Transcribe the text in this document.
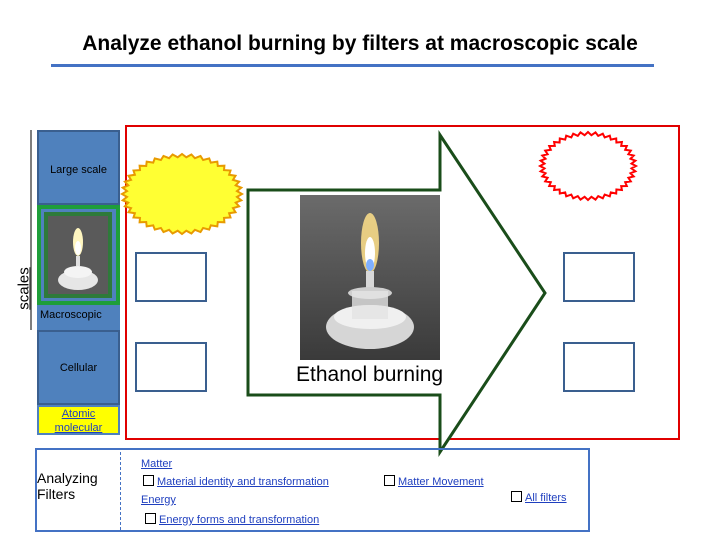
Analyze ethanol burning by filters at macroscopic scale
scales
Large scale
Macroscopic
Cellular
Atomic molecular
Ethanol burning
Analyzing Filters
Matter
Material identity and transformation	Matter Movement
All filters
Energy
Energy forms and transformation
